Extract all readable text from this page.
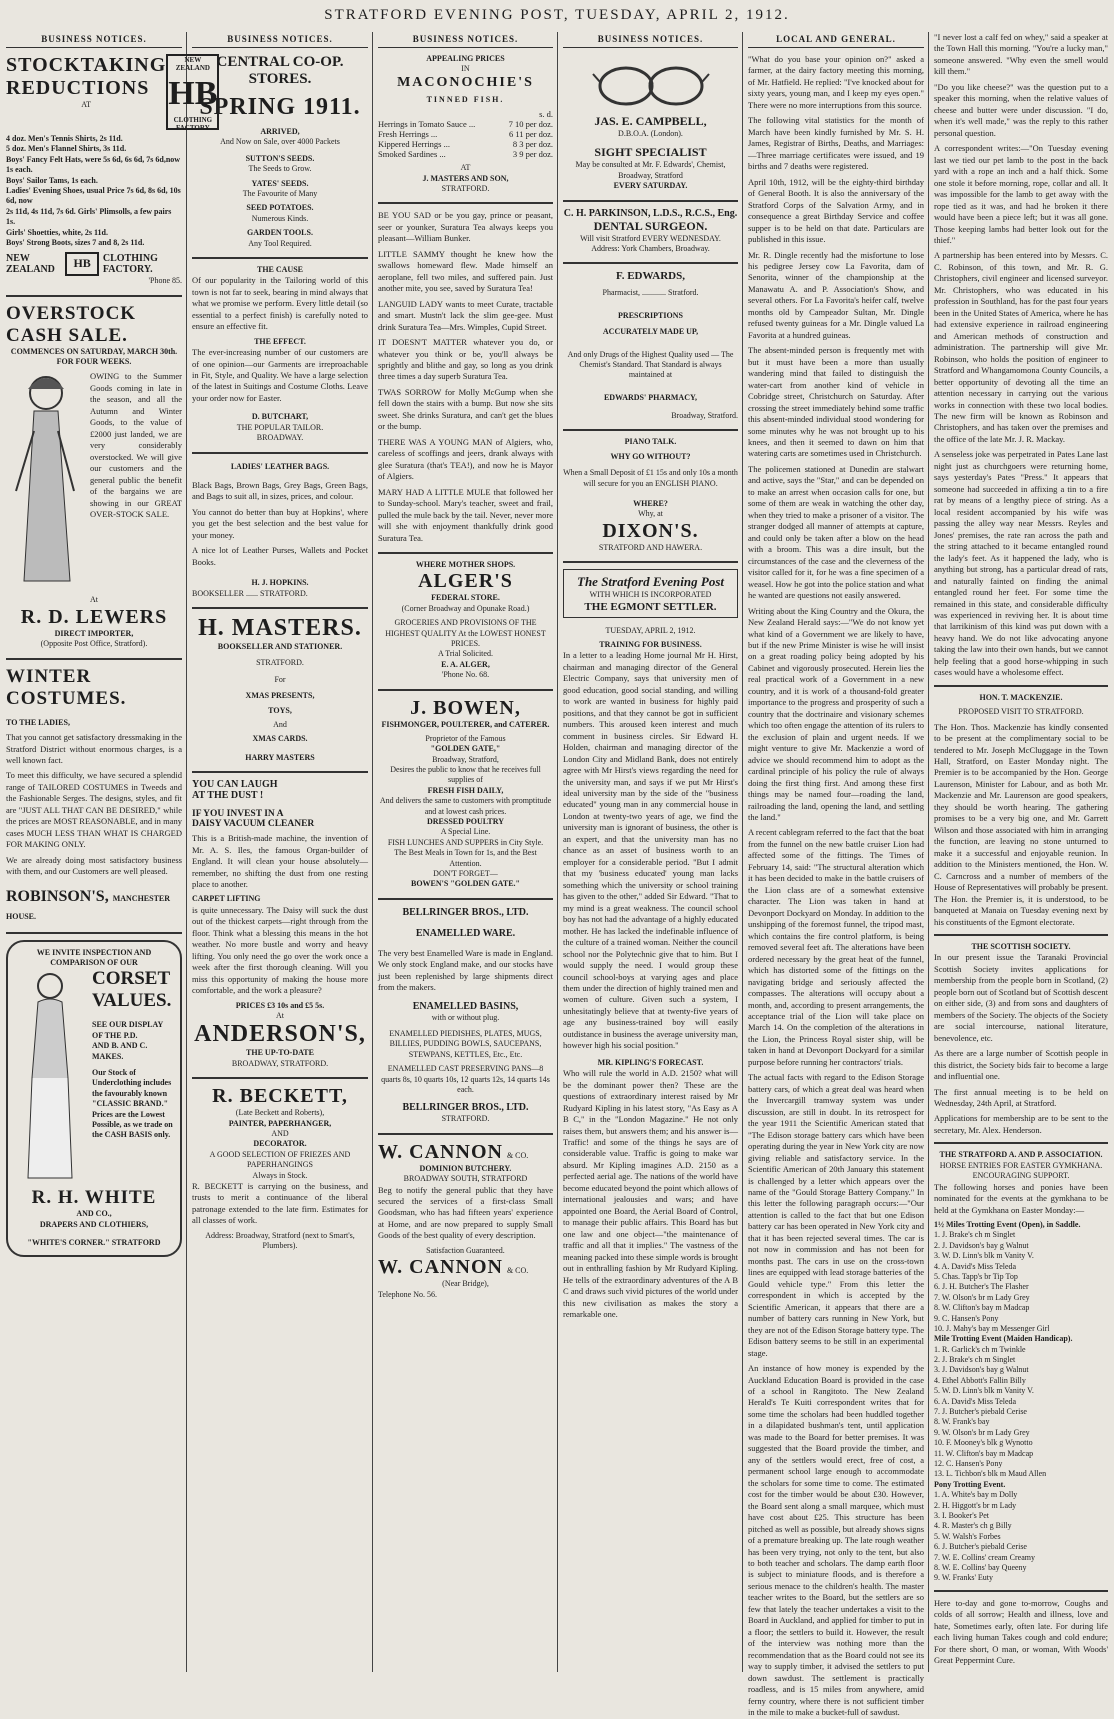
STRATFORD EVENING POST, TUESDAY, APRIL 2, 1912.
BUSINESS NOTICES.
STOCKTAKING
REDUCTIONS
AT
NEW ZEALAND
HB
CLOTHING FACTORY
4 doz. Men's Tennis Shirts, 2s 11d.
5 doz. Men's Flannel Shirts, 3s 11d.
Boys' Fancy Felt Hats, were 5s 6d, 6s 6d, 7s 6d,now 1s each.
Boys' Sailor Tams, 1s each.
Ladies' Evening Shoes, usual Price 7s 6d, 8s 6d, 10s 6d, now
2s 11d, 4s 11d, 7s 6d. Girls' Plimsolls, a few pairs 1s.
Girls' Shoetties, white, 2s 11d.
Boys' Strong Boots, sizes 7 and 8, 2s 11d.
NEW ZEALAND	HB	CLOTHING FACTORY.
'Phone 85.
OVERSTOCK CASH SALE.
COMMENCES ON SATURDAY, MARCH 30th.
FOR FOUR WEEKS.
OWING to the Summer Goods coming in late in the season, and all the Autumn and Winter Goods, to the value of £2000 just landed, we are very considerably overstocked. We will give our customers and the general public the benefit of the bargains we are showing in our GREAT OVER-STOCK SALE.
At
R. D. LEWERS
DIRECT IMPORTER,
(Opposite Post Office, Stratford).
WINTER COSTUMES.
TO THE LADIES,

That you cannot get satisfactory dressmaking in the Stratford District without enormous charges, is a well known fact.

To meet this difficulty, we have secured a splendid range of TAILORED COSTUMES in Tweeds and the Fashionable Serges. The designs, styles, and fit are "JUST ALL THAT CAN BE DESIRED," while the prices are MOST REASONABLE, and in many cases MUCH LESS THAN WHAT IS CHARGED FOR MAKING ONLY.

We are already doing most satisfactory business with them, and our Customers are well pleased.

ROBINSON'S, MANCHESTER HOUSE.
WE INVITE INSPECTION AND
COMPARISON OF OUR
CORSET
VALUES.
SEE OUR DISPLAY OF THE P.D.
AND B. AND C. MAKES.
Our Stock of Underclothing includes the favourably known "CLASSIC BRAND." Prices are the Lowest Possible, as we trade on the CASH BASIS only.
R. H. WHITE
AND CO.,
DRAPERS AND CLOTHIERS,
"WHITE'S CORNER." STRATFORD
BUSINESS NOTICES.
CENTRAL CO-OP. STORES.
SPRING 1911.
ARRIVED,
And Now on Sale, over 4000 Packets
SUTTON'S SEEDS.
The Seeds to Grow.
YATES' SEEDS.
The Favourite of Many
SEED POTATOES.
Numerous Kinds.
GARDEN TOOLS.
Any Tool Required.
THE CAUSE

Of our popularity in the Tailoring world of this town is not far to seek, bearing in mind always that what we promise we perform. Every little detail (so essential to a perfect finish) is carefully noted to ensure an effective fit.

THE EFFECT.

The ever-increasing number of our customers are of one opinion—our Garments are irreproachable in Fit, Style, and Quality. We have a large selection of the latest in Suitings and Costume Cloths. Leave your order now for Easter.

D. BUTCHART,
THE POPULAR TAILOR.
BROADWAY.
LADIES' LEATHER BAGS.

Black Bags, Brown Bags, Grey Bags, Green Bags, and Bags to suit all, in sizes, prices, and colour.

You cannot do better than buy at Hopkins', where you get the best selection and the best value for your money.

A nice lot of Leather Purses, Wallets and Pocket Books.

H. J. HOPKINS.
BOOKSELLER ...... STRATFORD.
H. MASTERS.
BOOKSELLER AND STATIONER.
STRATFORD.
For
XMAS PRESENTS,
TOYS,
And
XMAS CARDS.
HARRY MASTERS
YOU CAN LAUGH
AT THE DUST !
IF YOU INVEST IN A
DAISY VACUUM CLEANER

This is a British-made machine, the invention of Mr. A. S. Iles, the famous Organ-builder of England. It will clean your house absolutely—remember, no shifting the dust from one resting place to another.

CARPET LIFTING

is quite unnecessary. The Daisy will suck the dust out of the thickest carpets—right through from the floor. Think what a blessing this means in the hot weather. No more bustle and worry and heavy lifting. You only need the go over the work once a week after the first thorough cleaning. Will you miss this opportunity of making the house more comfortable, and the work a pleasure?

PRICES £3 10s and £5 5s.
At
ANDERSON'S,
THE UP-TO-DATE
BROADWAY, STRATFORD.
R. BECKETT,
(Late Beckett and Roberts),
PAINTER, PAPERHANGER,
AND
DECORATOR.
A GOOD SELECTION OF FRIEZES AND PAPERHANGINGS
Always in Stock.

R. BECKETT is carrying on the business, and trusts to merit a continuance of the liberal patronage extended to the late firm. Estimates for all classes of work.

Address: Broadway, Stratford (next to Smart's, Plumbers).
BUSINESS NOTICES.
APPEALING PRICES
IN
MACONOCHIE'S
TINNED FISH.
s. d.
Herrings in Tomato Sauce ...	7 10 per doz.
Fresh Herrings ...	6 11 per doz.
Kippered Herrings ...	8 3 per doz.
Smoked Sardines ...	3 9 per doz.
AT
J. MASTERS AND SON,
STRATFORD.

BE YOU SAD or be you gay, prince or peasant, seer or younker, Suratura Tea always keeps you pleasant—William Bunker.

LITTLE SAMMY thought he knew how the swallows homeward flew. Made himself an aeroplane, fell two miles, and suffered pain. Just another mite, you see, saved by Suratura Tea!

LANGUID LADY wants to meet Curate, tractable and smart. Mustn't lack the slim gee-gee. Must drink Suratura Tea—Mrs. Wimples, Cupid Street.

IT DOESN'T MATTER whatever you do, or whatever you think or be, you'll always be sprightly and blithe and gay, so long as you drink three times a day superb Suratura Tea.

TWAS SORROW for Molly McGump when she fell down the stairs with a bump. But now she sits sweet. She drinks Suratura, and can't get the blues or the bump.

THERE WAS A YOUNG MAN of Algiers, who, careless of scoffings and jeers, drank always with glee Suratura (that's TEA!), and now he is Mayor of Algiers.

MARY HAD A LITTLE MULE that followed her to Sunday-school. Mary's teacher, sweet and frail, pulled the mule back by the tail. Never, never more will she with enjoyment thankfully drink good Suratura Tea.

WHERE MOTHER SHOPS.
ALGER'S
FEDERAL STORE.
(Corner Broadway and Opunake Road.)
GROCERIES AND PROVISIONS OF THE HIGHEST QUALITY At the LOWEST HONEST PRICES.
A Trial Solicited.
E. A. ALGER,
'Phone No. 68.
J. BOWEN,
FISHMONGER, POULTERER, and CATERER.
Proprietor of the Famous
"GOLDEN GATE,"
Broadway, Stratford,
Desires the public to know that he receives full supplies of
FRESH FISH DAILY,
And delivers the same to customers with promptitude and at lowest cash prices.
DRESSED POULTRY
A Special Line.
FISH LUNCHES AND SUPPERS in City Style.
The Best Meals in Town for 1s, and the Best Attention.
DON'T FORGET—
BOWEN'S "GOLDEN GATE."
BELLRINGER BROS., LTD.
ENAMELLED WARE.

The very best Enamelled Ware is made in England. We only stock England make, and our stocks have just been replenished by large shipments direct from the makers.

ENAMELLED BASINS,
with or without plug.
ENAMELLED PIEDISHES, PLATES, MUGS, BILLIES, PUDDING BOWLS, SAUCEPANS, STEWPANS, KETTLES, Etc., Etc.
ENAMELLED CAST PRESERVING PANS—8 quarts 8s, 10 quarts 10s, 12 quarts 12s, 14 quarts 14s each.
BELLRINGER BROS., LTD.
STRATFORD.
W. CANNON & CO.
DOMINION BUTCHERY.
BROADWAY SOUTH, STRATFORD

Beg to notify the general public that they have secured the services of a first-class Small Goodsman, who has had fifteen years' experience at Home, and are now prepared to supply Small Goods of the best quality of every description.

Satisfaction Guaranteed.
W. CANNON & CO.
(Near Bridge),
Telephone No. 56.
BUSINESS NOTICES.
JAS. E. CAMPBELL,
D.B.O.A. (London).
SIGHT SPECIALIST
May be consulted at Mr. F. Edwards', Chemist, Broadway, Stratford
EVERY SATURDAY.
C. H. PARKINSON, L.D.S., R.C.S., Eng.
DENTAL SURGEON.
Will visit Stratford EVERY WEDNESDAY.
Address: York Chambers, Broadway.
F. EDWARDS,
Pharmacist, ............ Stratford.
PRESCRIPTIONS
ACCURATELY MADE UP,
And only Drugs of the Highest Quality used — The Chemist's Standard. That Standard is always maintained at
EDWARDS' PHARMACY,
Broadway, Stratford.
PIANO TALK.
WHY GO WITHOUT?
When a Small Deposit of £1 15s and only 10s a month will secure for you an ENGLISH PIANO.
WHERE?
Why, at
DIXON'S.
STRATFORD AND HAWERA.
The Stratford Evening Post
WITH WHICH IS INCORPORATED
THE EGMONT SETTLER.
TUESDAY, APRIL 2, 1912.
TRAINING FOR BUSINESS.

In a letter to a leading Home journal Mr H. Hirst, chairman and managing director of the General Electric Company, says that university men of good education, good social standing, and willing to work are wanted in business for highly paid positions, and that they cannot be got in sufficient numbers. This aroused keen interest and much comment in business circles. Sir Edward H. Holden, chairman and managing director of the London City and Midland Bank, does not entirely agree with Mr Hirst's views regarding the need for the university man, and says if we put Mr Hirst's ideal university man by the side of the "business educated" young man in any commercial house in London at twenty-two years of age, we find the university man is ignorant of business, the other is an expert, and that the university man has no chance as an asset of business worth to an employer for a considerable period. "But I admit that my 'business educated' young man lacks something which the university or school training has given to the other," added Sir Edward. "That to my mind is a great weakness. The council school boy has not had the advantage of a highly educated mother. He has lacked the indefinable influence of the culture of a trained woman. Neither the council school nor the Polytechnic give that to him. But I would supply the need. I would group these council school-boys at varying ages and place them under the direction of highly trained men and women of culture. Given such a system, I unhesitatingly believe that at twenty-five years of age any business-trained boy will easily outdistance in business the average university man, however high his social position."

MR. KIPLING'S FORECAST.

Who will rule the world in A.D. 2150? what will be the dominant power then? These are the questions of extraordinary interest raised by Mr Rudyard Kipling in his latest story, "As Easy as A B C," in the "London Magazine." He not only raises them, but answers them; and his answer is—Traffic! and some of the things he says are of considerable value. Traffic is going to make war absurd. Mr Kipling imagines A.D. 2150 as a perfected aerial age. The nations of the world have become educated beyond the point which allows of international jealousies and wars; and have appointed one Board, the Aerial Board of Control, to manage their public affairs. This Board has but one law and one object—"the maintenance of traffic and all that it implies." The vastness of the meaning packed into these simple words is brought out in enthralling fashion by Mr Rudyard Kipling. He tells of the extraordinary adventures of the A B C and draws such vivid pictures of the world under this new civilisation as makes the story a remarkable one.

LOCAL AND GENERAL.

"What do you base your opinion on?" asked a farmer, at the dairy factory meeting this morning, of Mr. Hatfield. He replied: "I've knocked about for sixty years, young man, and I keep my eyes open." There were no more interruptions from this source.

The following vital statistics for the month of March have been kindly furnished by Mr. S. H. James, Registrar of Births, Deaths, and Marriages:—Three marriage certificates were issued, and 19 births and 7 deaths were registered.

April 10th, 1912, will be the eighty-third birthday of General Booth. It is also the anniversary of the Stratford Corps of the Salvation Army, and in consequence a great Birthday Service and coffee supper is to be held on that date. Particulars are published in this issue.

Mr. R. Dingle recently had the misfortune to lose his pedigree Jersey cow La Favorita, dam of Senorita, winner of the championship at the Manawatu A. and P. Association's Show, and several others. For La Favorita's heifer calf, twelve months old by Campeador Sultan, Mr. Dingle refused twenty guineas for a Mr. Dingle valued La Favorita at a hundred guineas.

The absent-minded person is frequently met with but it must have been a more than usually wandering mind that failed to distinguish the water-cart from another kind of vehicle in Cobridge street, Christchurch on Saturday. After crossing the street immediately behind some traffic this absent-minded individual stood wondering for some minutes why he was not brought up to his knees, and then it seemed to dawn on him that watering carts are sometimes used in Christchurch.

The policemen stationed at Dunedin are stalwart and active, says the "Star," and can be depended on to make an arrest when occasion calls for one, but some of them are weak in watching the other day, when they tried to make a prisoner of a visitor. The stranger dodged all manner of attempts at capture, and could only be taken after a blow on the head with a broom. This was a dire insult, but the circumstances of the case and the cleverness of the visitor called for it, for he was a fine specimen of a weasel. How he got into the police station and what he wanted are questions not easily answered.

Writing about the King Country and the Okura, the New Zealand Herald says:—"We do not know yet what kind of a Government we are likely to have, but if the new Prime Minister is wise he will insist on a great roading policy being adopted by his Cabinet and vigorously prosecuted. Herein lies the real practical work of a Government in a new country, and it is work of a thousand-fold greater importance to the progress and prosperity of such a country that the doctrinaire and visionary schemes which too often engage the attention of its rulers to the exclusion of plain and urgent needs. If we might venture to give Mr. Mackenzie a word of advice we should recommend him to adopt as the cardinal principle of his policy the rule of always doing the first thing first. And among these first things may be named four—roading the land, railroading the land, opening the land, and settling the land."

A recent cablegram referred to the fact that the boat from the funnel on the new battle cruiser Lion had affected some of the fittings. The Times of February 14, said: "The structural alteration which it has been decided to make in the battle cruisers of the Lion class are of a somewhat extensive character. The Lion was taken in hand at Devonport Dockyard on Monday. In addition to the unshipping of the foremost funnel, the tripod mast, which contains the fire control platform, is being removed several feet aft. The alterations have been ordered necessary by the great heat of the funnel, which has distorted some of the fittings on the navigating bridge and seriously affected the compasses. The alterations will occupy about a month, and, according to present arrangements, the acceptance trial of the Lion will take place on March 14. On the completion of the alterations in the Lion, the Princess Royal sister ship, will be taken in hand at Devonport Dockyard for a similar purpose before running her contractors' trials.

The actual facts with regard to the Edison Storage battery cars, of which a great deal was heard when the Invercargill tramway system was under discussion, are still in doubt. In its retrospect for the year 1911 the Scientific American stated that "The Edison storage battery cars which have been operating during the year in New York city are now giving reliable and satisfactory service. In the Scientific American of 20th January this statement is challenged by a letter which appears over the name of the "Gould Storage Battery Company." In this letter the following paragraph occurs:—"Our attention is called to the fact that but one Edison battery car has been operated in New York city and that it has been rejected several times. The car is not now in commission and has not been for months past. The cars in use on the cross-town lines are equipped with lead storage batteries of the Gould vehicle type." From this letter the correspondent in which is accepted by the Scientific American, it appears that there are a number of battery cars running in New York, but they are not of the Edison Storage battery type. The Edison battery seems to be still in an experimental stage.

An instance of how money is expended by the Auckland Education Board is provided in the case of a school in Rangitoto. The New Zealand Herald's Te Kuiti correspondent writes that for some time the scholars had been huddled together in a dilapidated bushman's tent, until application was made to the Board for better premises. It was suggested that the Board provide the timber, and any of the settlers would erect, free of cost, a permanent school large enough to accommodate the scholars for some time to come. The estimated cost for the timber would be about £30. However, the Board sent along a small marquee, which must have cost about £25. This structure has been pitched as well as possible, but already shows signs of a premature breaking up. The late rough weather has been very trying, not only to the tent, but also to both teacher and scholars. The damp earth floor is subject to miniature floods, and is therefore a serious menace to the children's health. The master teacher writes to the Board, but the settlers are so few that lately the teacher undertakes a visit to the Board in Auckland, and applied for timber to put in a floor; the settlers to build it. However, the result of the interview was nothing more than the recommendation that as the Board could not see its way to supply timber, it advised the settlers to put down sawdust. The settlement is practically roadless, and is 15 miles from anywhere, amid ferny country, where there is not sufficient timber in the mile to make a bucket-full of sawdust.

"I never lost a calf fed on whey," said a speaker at the Town Hall this morning. "You're a lucky man," someone answered. "Why even the smell would kill them."

"Do you like cheese?" was the question put to a speaker this morning, when the relative values of cheese and butter were under discussion. "I do, when it's well made," was the reply to this rather personal question.

A correspondent writes:—"On Tuesday evening last we tied our pet lamb to the post in the back yard with a rope an inch and a half thick. Some one stole it before morning, rope, collar and all. It was impossible for the lamb to get away with the rope tied as it was, and had he broken it there would have been a piece left; but it was all gone. Those keeping lambs had better look out for the thief."

A partnership has been entered into by Messrs. C. C. Robinson, of this town, and Mr. R. G. Christophers, civil engineer and licensed surveyor. Mr. Christophers, who was educated in his profession in Southland, has for the past four years been in the United States of America, where he has had extensive experience in railroad engineering and American methods of construction and administration. The partnership will give Mr. Robinson, who holds the position of engineer to Stratford and Whangamomona County Councils, a better opportunity of devoting all the time an attention necessary in carrying out the various works in connection with these two local bodies. The new firm will be known as Robinson and Christophers, and has taken over the premises and the office of the late Mr. J. R. Mackay.

A senseless joke was perpetrated in Pates Lane last night just as churchgoers were returning home, says yesterday's Pates "Press." It appears that someone had succeeded in affixing a tin to a fire rat by means of a lengthy piece of string. As a local resident accompanied by his wife was passing the alley way near Messrs. Reyles and Jones' premises, the rate ran across the path and the string attached to it became entangled round the lady's feet. As it happened the lady, who is anything but strong, has a particular dread of rats, and naturally fainted on finding the animal entangled round her feet. For some time the remained in this state, and considerable difficulty was experienced in reviving her. It is about time that larrikinism of this kind was put down with a heavy hand. We do not like advocating anyone taking the law into their own hands, but we cannot help feeling that a good horse-whipping in such cases would have a wholesome effect.

HON. T. MACKENZIE.
PROPOSED VISIT TO STRATFORD.

The Hon. Thos. Mackenzie has kindly consented to be present at the complimentary social to be tendered to Mr. Joseph McCluggage in the Town Hall, Stratford, on Easter Monday night. The Premier is to be accompanied by the Hon. George Laurenson, Minister for Labour, and as both Mr. Mackenzie and Mr. Laurenson are good speakers, they should be worth hearing. The gathering promises to be a very big one, and Mr. Garrett Wilson and those associated with him in arranging the function, are leaving no stone unturned to make it a successful and enjoyable reunion. In addition to the Ministers mentioned, the Hon. W. C. Carncross and a number of members of the House of Representatives will probably be present. The Hon. the Premier is, it is understood, to be banqueted at Manaia on Tuesday evening next by his constituents of the Egmont electorate.

THE SCOTTISH SOCIETY.

In our present issue the Taranaki Provincial Scottish Society invites applications for membership from the people born in Scotland, (2) people born out of Scotland but of Scottish descent on either side, (3) and from sons and daughters of members of the Society. The objects of the Society are social intercourse, national literature, benevolence, etc.

As there are a large number of Scottish people in this district, the Society bids fair to become a large and influential one.

The first annual meeting is to be held on Wednesday, 24th April, at Stratford.

Applications for membership are to be sent to the secretary, Mr. Alex. Henderson.

THE STRATFORD A. AND P. ASSOCIATION.
HORSE ENTRIES FOR EASTER GYMKHANA.
ENCOURAGING SUPPORT.

The following horses and ponies have been nominated for the events at the gymkhana to be held at the Gymkhana on Easter Monday:—

1½ Miles Trotting Event (Open), in Saddle.
1. J. Brake's ch m Singlet
2. J. Davidson's bay g Walnut
3. W. D. Linn's blk m Vanity V.
4. A. David's Miss Teleda
5. Chas. Tapp's br Tip Top
6. J. H. Butcher's The Flasher
7. W. Olson's br m Lady Grey
8. W. Clifton's bay m Madcap
9. C. Hansen's Pony
10. J. Mahy's bay m Messenger Girl
Mile Trotting Event (Maiden Handicap).
1. R. Garlick's ch m Twinkle
2. J. Brake's ch m Singlet
3. J. Davidson's bay g Walnut
4. Ethel Abbott's Fallin Billy
5. W. D. Linn's blk m Vanity V.
6. A. David's Miss Teleda
7. J. Butcher's piebald Cerise
8. W. Frank's bay
9. W. Olson's br m Lady Grey
10. F. Mooney's blk g Wynotto
11. W. Clifton's bay m Madcap
12. C. Hansen's Pony
13. L. Tichbon's blk m Maud Allen
Pony Trotting Event.
1. A. White's bay m Dolly
2. H. Higgott's br m Lady
3. I. Booker's Pet
4. R. Master's ch g Billy
5. W. Walsh's Forbes
6. J. Butcher's piebald Cerise
7. W. E. Collins' cream Creamy
8. W. E. Collins' bay Queeny
9. W. Franks' Euty

Here to-day and gone to-morrow, Coughs and colds of all sorrow; Health and illness, love and hate, Sometimes early, often late. For during life each living human Takes cough and cold endure; For there short, O man, or woman, With Woods' Great Peppermint Cure.
